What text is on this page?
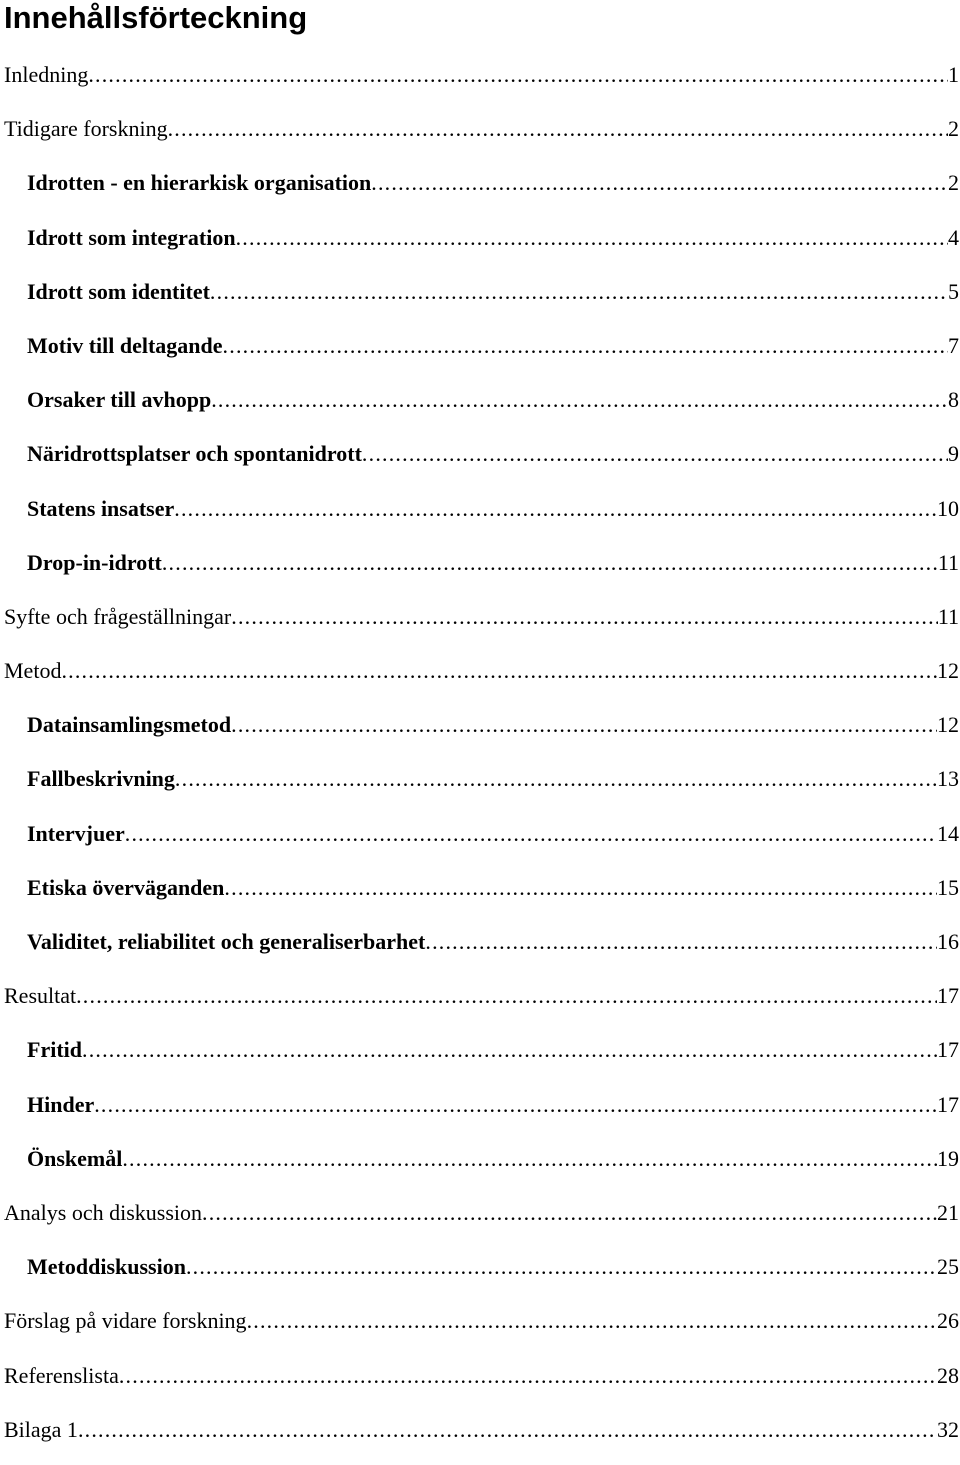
Innehållsförteckning
Inledning .....	1
Tidigare forskning .....	2
Idrotten - en hierarkisk organisation .....	2
Idrott som integration .....	4
Idrott som identitet .....	5
Motiv till deltagande .....	7
Orsaker till avhopp .....	8
Näridrottsplatser och spontanidrott .....	9
Statens insatser .....	10
Drop-in-idrott .....	11
Syfte och frågeställningar .....	11
Metod .....	12
Datainsamlingsmetod .....	12
Fallbeskrivning .....	13
Intervjuer .....	14
Etiska överväganden .....	15
Validitet, reliabilitet och generaliserbarhet .....	16
Resultat .....	17
Fritid .....	17
Hinder .....	17
Önskemål .....	19
Analys och diskussion .....	21
Metoddiskussion .....	25
Förslag på vidare forskning .....	26
Referenslista .....	28
Bilaga 1 .....	32
